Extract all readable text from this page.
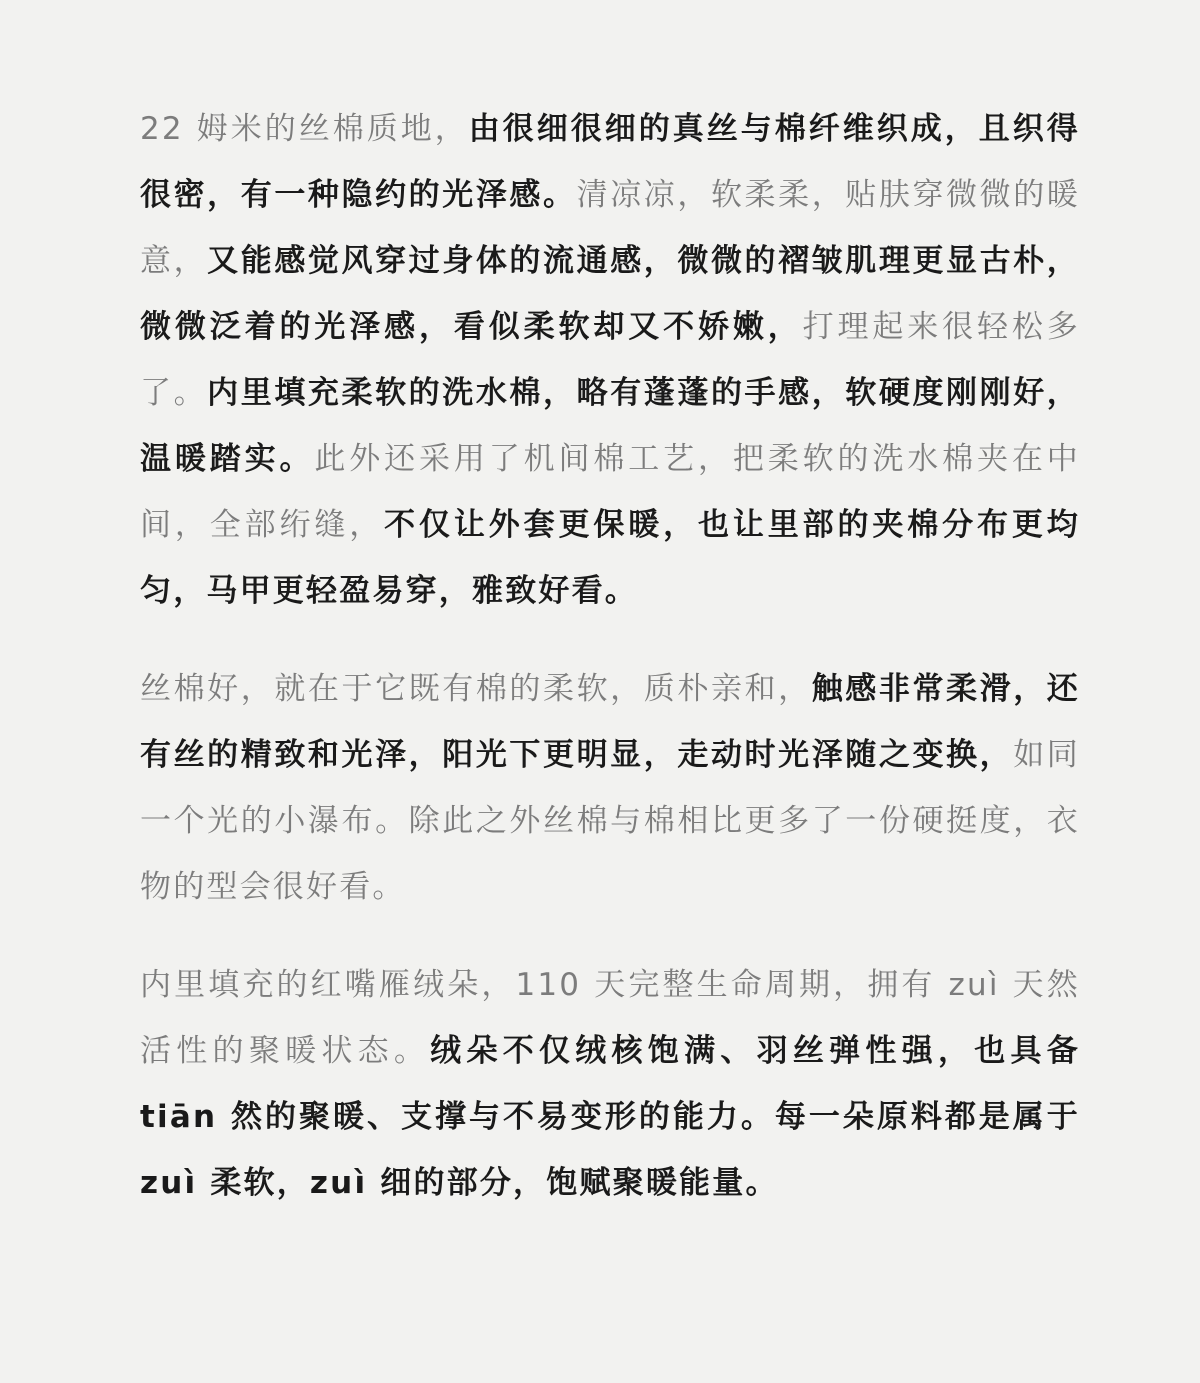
22 姆米的丝棉质地，由很细很细的真丝与棉纤维织成，且织得很密，有一种隐约的光泽感。清凉凉，软柔柔，贴肤穿微微的暖意，又能感觉风穿过身体的流通感，微微的褶皱肌理更显古朴，微微泛着的光泽感，看似柔软却又不娇嫩，打理起来很轻松多了。内里填充柔软的洗水棉，略有蓬蓬的手感，软硬度刚刚好，温暖踏实。此外还采用了机间棉工艺，把柔软的洗水棉夹在中间，全部绗缝，不仅让外套更保暖，也让里部的夹棉分布更均匀，马甲更轻盈易穿，雅致好看。

丝棉好，就在于它既有棉的柔软，质朴亲和，触感非常柔滑，还有丝的精致和光泽，阳光下更明显，走动时光泽随之变换，如同一个光的小瀑布。除此之外丝棉与棉相比更多了一份硬挺度，衣物的型会很好看。

内里填充的红嘴雁绒朵，110 天完整生命周期，拥有 zuì 天然活性的聚暖状态。绒朵不仅绒核饱满、羽丝弹性强，也具备 tiān 然的聚暖、支撑与不易变形的能力。每一朵原料都是属于 zuì 柔软，zuì 细的部分，饱赋聚暖能量。
